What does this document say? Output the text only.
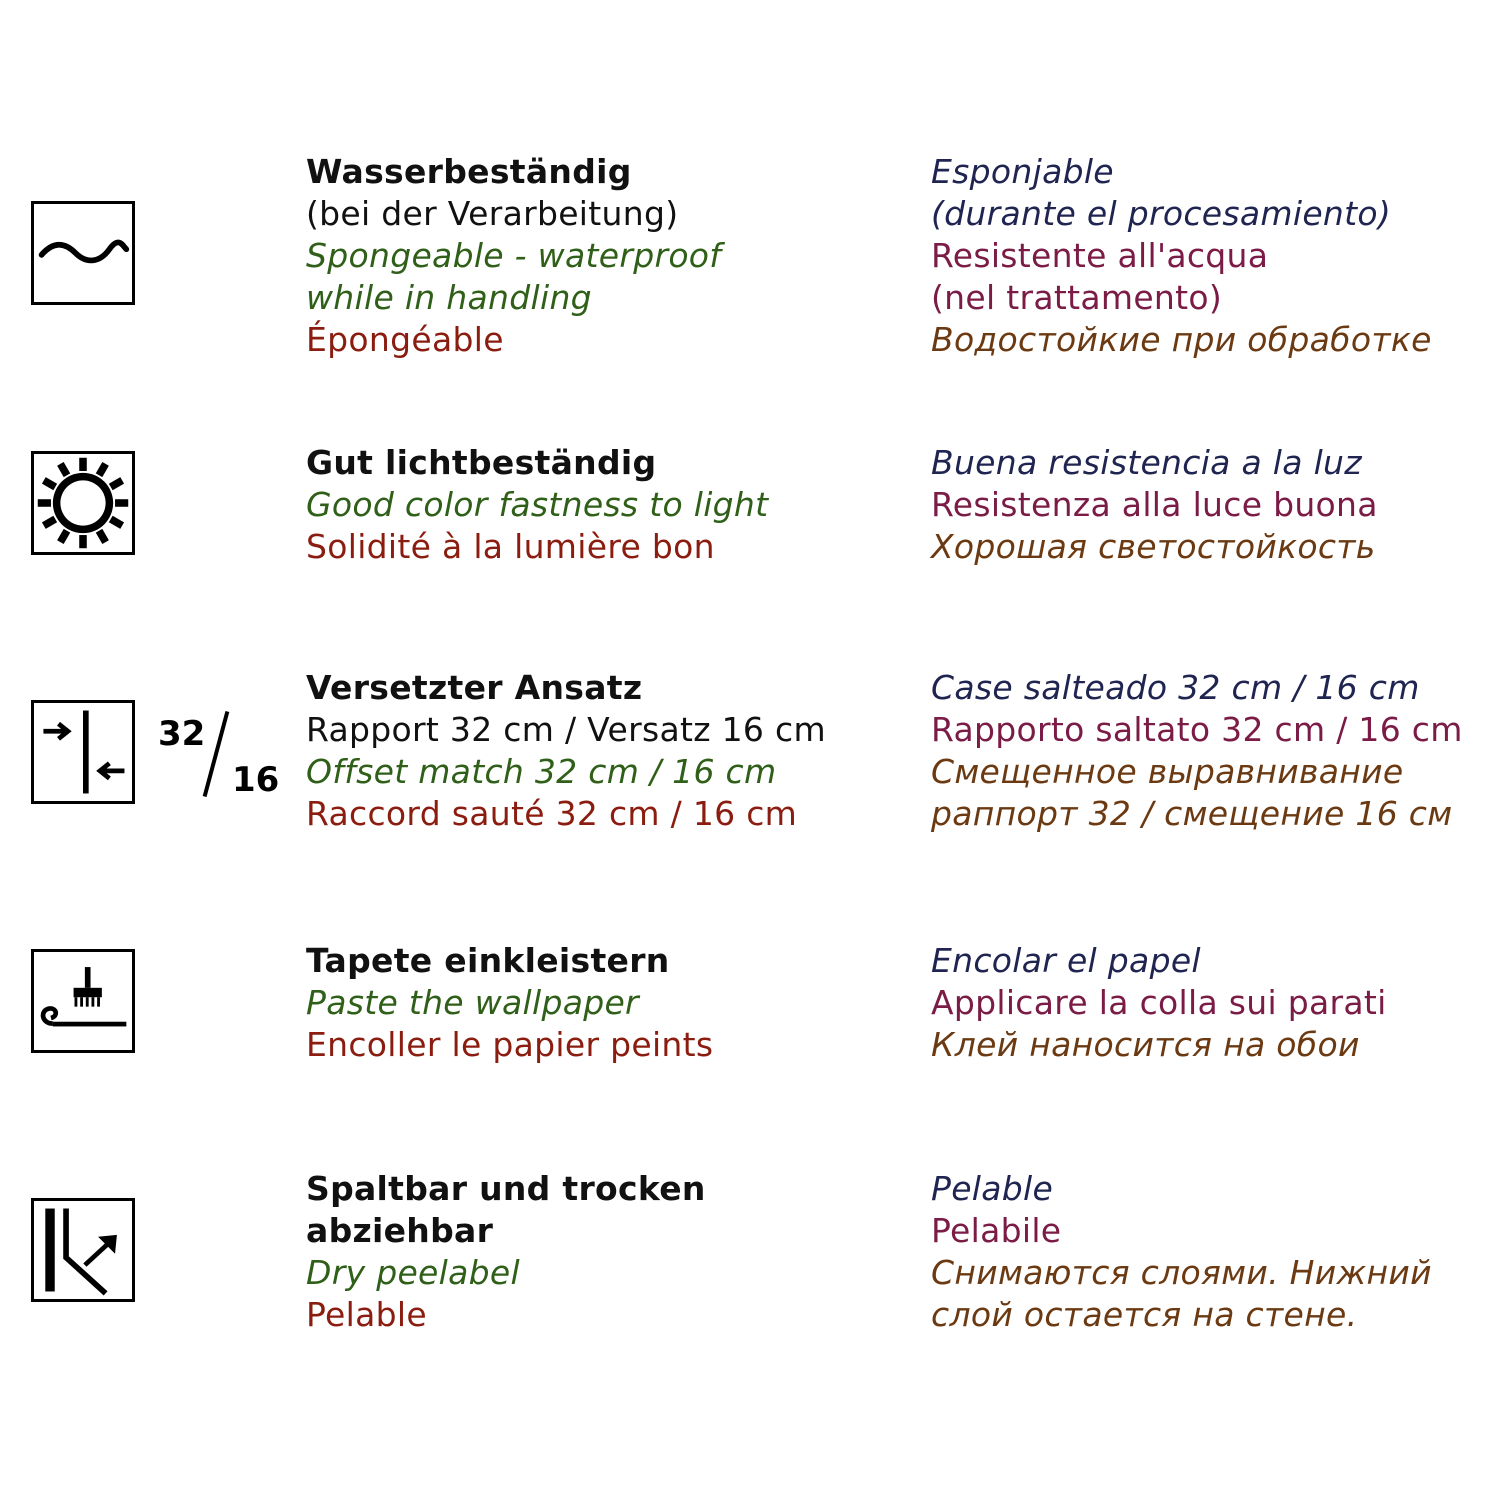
Wasserbeständig
(bei der Verarbeitung)
Spongeable - waterproof
while in handling
Épongéable
Esponjable
(durante el procesamiento)
Resistente all'acqua
(nel trattamento)
Водостойкие при обработке
Gut lichtbeständig
Good color fastness to light
Solidité à la lumière bon
Buena resistencia a la luz
Resistenza alla luce buona
Хорошая светостойкость
32
16
Versetzter Ansatz
Rapport 32 cm / Versatz 16 cm
Offset match 32 cm / 16 cm
Raccord sauté 32 cm / 16 cm
Case salteado 32 cm / 16 cm
Rapporto saltato 32 cm / 16 cm
Смещенное выравнивание
раппорт 32 / смещение 16 см
Tapete einkleistern
Paste the wallpaper
Encoller le papier peints
Encolar el papel
Applicare la colla sui parati
Клей наносится на обои
Spaltbar und trocken
abziehbar
Dry peelabel
Pelable
Pelable
Pelabile
Снимаются слоями. Нижний
слой остается на стене.
